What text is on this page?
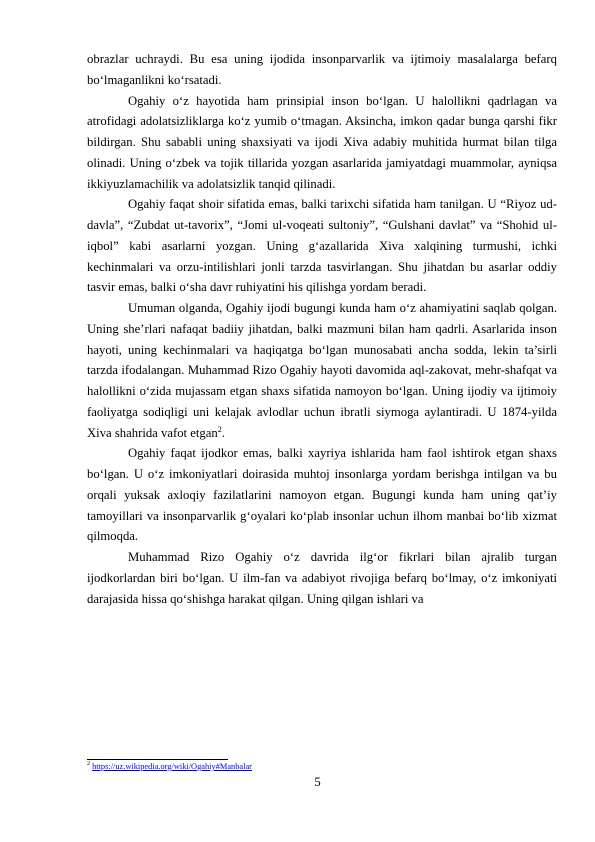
obrazlar uchraydi. Bu esa uning ijodida insonparvarlik va ijtimoiy masalalarga befarq bo‘lmaganlikni ko‘rsatadi.

Ogahiy o‘z hayotida ham prinsipial inson bo‘lgan. U halollikni qadrlagan va atrofidagi adolatsizliklarga ko‘z yumib o‘tmagan. Aksincha, imkon qadar bunga qarshi fikr bildirgan. Shu sababli uning shaxsiyati va ijodi Xiva adabiy muhitida hurmat bilan tilga olinadi. Uning o‘zbek va tojik tillarida yozgan asarlarida jamiyatdagi muammolar, ayniqsa ikkiyuzlamachilik va adolatsizlik tanqid qilinadi.

Ogahiy faqat shoir sifatida emas, balki tarixchi sifatida ham tanilgan. U “Riyoz ud-davla”, “Zubdat ut-tavorix”, “Jomi ul-voqeati sultoniy”, “Gulshani davlat” va “Shohid ul-iqbol” kabi asarlarni yozgan. Uning g‘azallarida Xiva xalqining turmushi, ichki kechinmalari va orzu-intilishlari jonli tarzda tasvirlangan. Shu jihatdan bu asarlar oddiy tasvir emas, balki o‘sha davr ruhiyatini his qilishga yordam beradi.

Umuman olganda, Ogahiy ijodi bugungi kunda ham o‘z ahamiyatini saqlab qolgan. Uning she’rlari nafaqat badiiy jihatdan, balki mazmuni bilan ham qadrli. Asarlarida inson hayoti, uning kechinmalari va haqiqatga bo‘lgan munosabati ancha sodda, lekin ta’sirli tarzda ifodalangan. Muhammad Rizo Ogahiy hayoti davomida aql-zakovat, mehr-shafqat va halollikni o‘zida mujassam etgan shaxs sifatida namoyon bo‘lgan. Uning ijodiy va ijtimoiy faoliyatga sodiqligi uni kelajak avlodlar uchun ibratli siymoga aylantiradi. U 1874-yilda Xiva shahrida vafot etgan$^2$.

Ogahiy faqat ijodkor emas, balki xayriya ishlarida ham faol ishtirok etgan shaxs bo‘lgan. U o‘z imkoniyatlari doirasida muhtoj insonlarga yordam berishga intilgan va bu orqali yuksak axloqiy fazilatlarini namoyon etgan. Bugungi kunda ham uning qat’iy tamoyillari va insonparvarlik g‘oyalari ko‘plab insonlar uchun ilhom manbai bo‘lib xizmat qilmoqda.

Muhammad Rizo Ogahiy o‘z davrida ilg‘or fikrlari bilan ajralib turgan ijodkorlardan biri bo‘lgan. U ilm-fan va adabiyot rivojiga befarq bo‘lmay, o‘z imkoniyati darajasida hissa qo‘shishga harakat qilgan. Uning qilgan ishlari va

$^2$ https://uz.wikipedia.org/wiki/Ogahiy#Manbalar
5
